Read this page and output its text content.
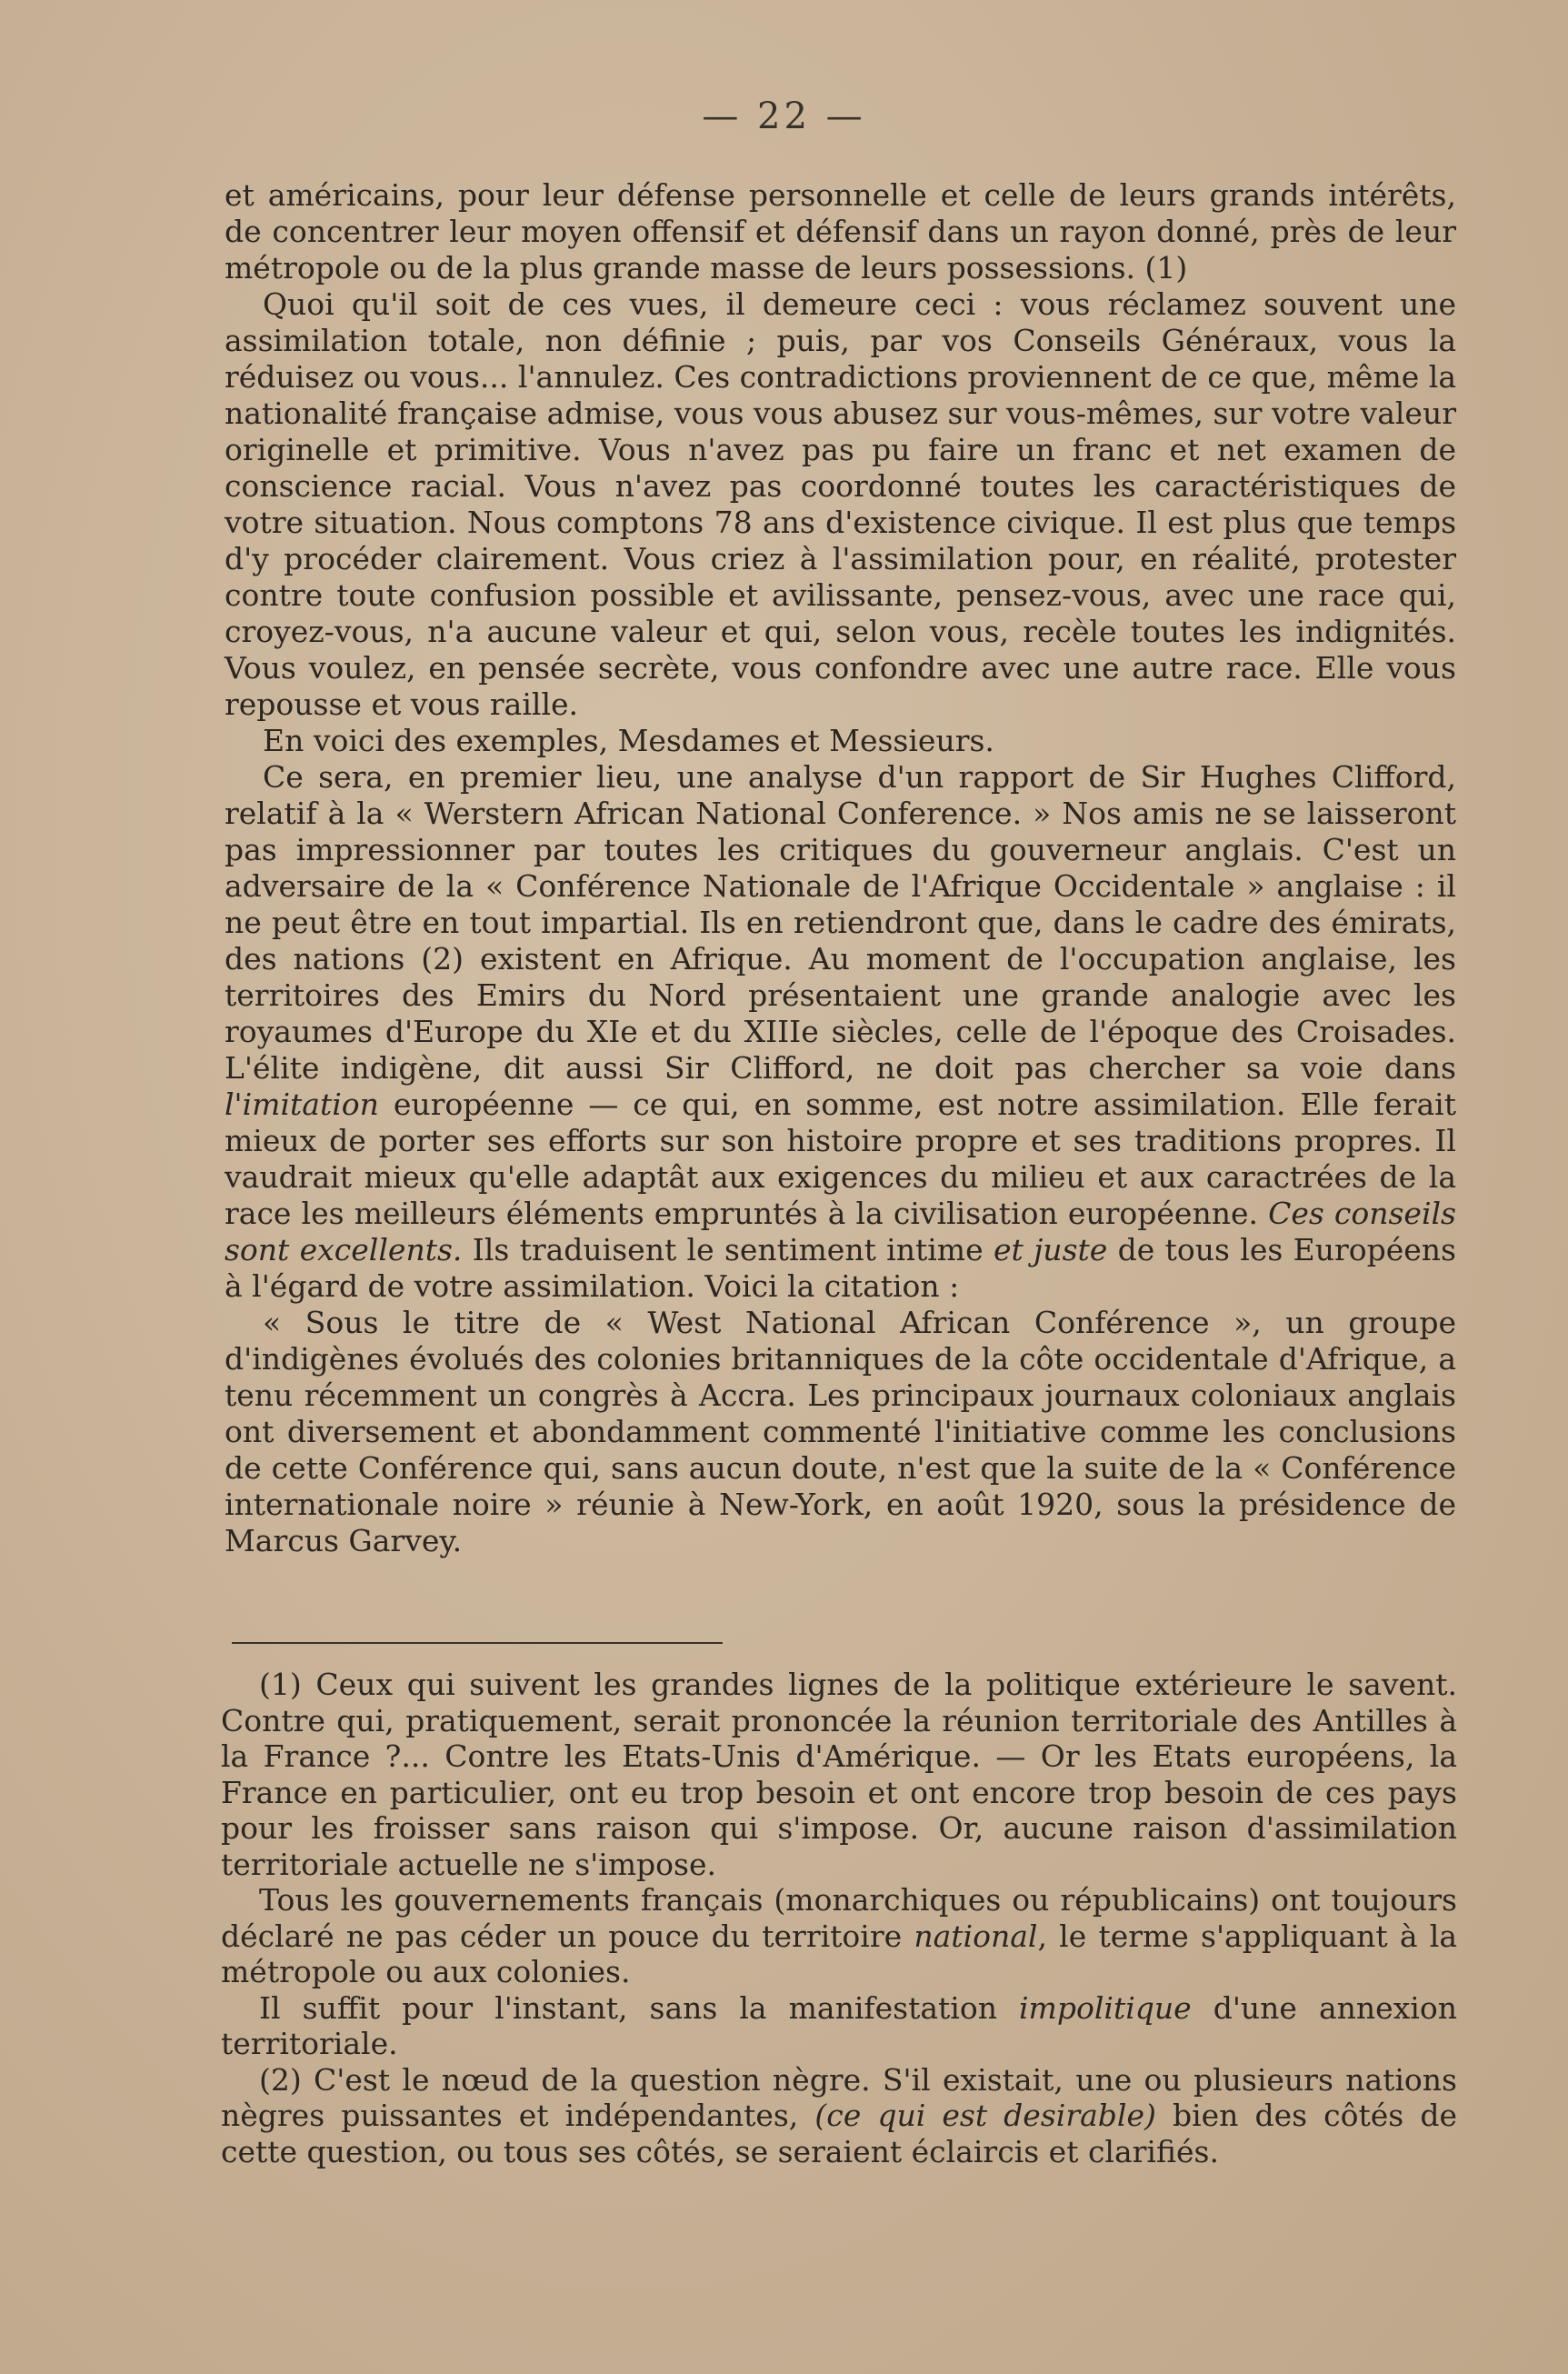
— 22 —

et américains, pour leur défense personnelle et celle de leurs grands intérêts, de concentrer leur moyen offensif et défensif dans un rayon donné, près de leur métropole ou de la plus grande masse de leurs possessions. (1)

Quoi qu'il soit de ces vues, il demeure ceci : vous réclamez souvent une assimilation totale, non définie ; puis, par vos Conseils Généraux, vous la réduisez ou vous... l'annulez. Ces contradictions proviennent de ce que, même la nationalité française admise, vous vous abusez sur vous-mêmes, sur votre valeur originelle et primitive. Vous n'avez pas pu faire un franc et net examen de conscience racial. Vous n'avez pas coordonné toutes les caractéristiques de votre situation. Nous comptons 78 ans d'existence civique. Il est plus que temps d'y procéder clairement. Vous criez à l'assimilation pour, en réalité, protester contre toute confusion possible et avilissante, pensez-vous, avec une race qui, croyez-vous, n'a aucune valeur et qui, selon vous, recèle toutes les indignités. Vous voulez, en pensée secrète, vous confondre avec une autre race. Elle vous repousse et vous raille.

En voici des exemples, Mesdames et Messieurs.

Ce sera, en premier lieu, une analyse d'un rapport de Sir Hughes Clifford, relatif à la « Werstern African National Conference. » Nos amis ne se laisseront pas impressionner par toutes les critiques du gouverneur anglais. C'est un adversaire de la « Conférence Nationale de l'Afrique Occidentale » anglaise : il ne peut être en tout impartial. Ils en retiendront que, dans le cadre des émirats, des nations (2) existent en Afrique. Au moment de l'occupation anglaise, les territoires des Emirs du Nord présentaient une grande analogie avec les royaumes d'Europe du XIe et du XIIIe siècles, celle de l'époque des Croisades. L'élite indigène, dit aussi Sir Clifford, ne doit pas chercher sa voie dans l'imitation européenne — ce qui, en somme, est notre assimilation. Elle ferait mieux de porter ses efforts sur son histoire propre et ses traditions propres. Il vaudrait mieux qu'elle adaptât aux exigences du milieu et aux caractrées de la race les meilleurs éléments empruntés à la civilisation européenne. Ces conseils sont excellents. Ils traduisent le sentiment intime et juste de tous les Européens à l'égard de votre assimilation. Voici la citation :

« Sous le titre de « West National African Conférence », un groupe d'indigènes évolués des colonies britanniques de la côte occidentale d'Afrique, a tenu récemment un congrès à Accra. Les principaux journaux coloniaux anglais ont diversement et abondamment commenté l'initiative comme les conclusions de cette Conférence qui, sans aucun doute, n'est que la suite de la « Conférence internationale noire » réunie à New-York, en août 1920, sous la présidence de Marcus Garvey.

(1) Ceux qui suivent les grandes lignes de la politique extérieure le savent. Contre qui, pratiquement, serait prononcée la réunion territoriale des Antilles à la France ?... Contre les Etats-Unis d'Amérique. — Or les Etats européens, la France en particulier, ont eu trop besoin et ont encore trop besoin de ces pays pour les froisser sans raison qui s'impose. Or, aucune raison d'assimilation territoriale actuelle ne s'impose.

Tous les gouvernements français (monarchiques ou républicains) ont toujours déclaré ne pas céder un pouce du territoire national, le terme s'appliquant à la métropole ou aux colonies.

Il suffit pour l'instant, sans la manifestation impolitique d'une annexion territoriale.

(2) C'est le nœud de la question nègre. S'il existait, une ou plusieurs nations nègres puissantes et indépendantes, (ce qui est desirable) bien des côtés de cette question, ou tous ses côtés, se seraient éclaircis et clarifiés.
